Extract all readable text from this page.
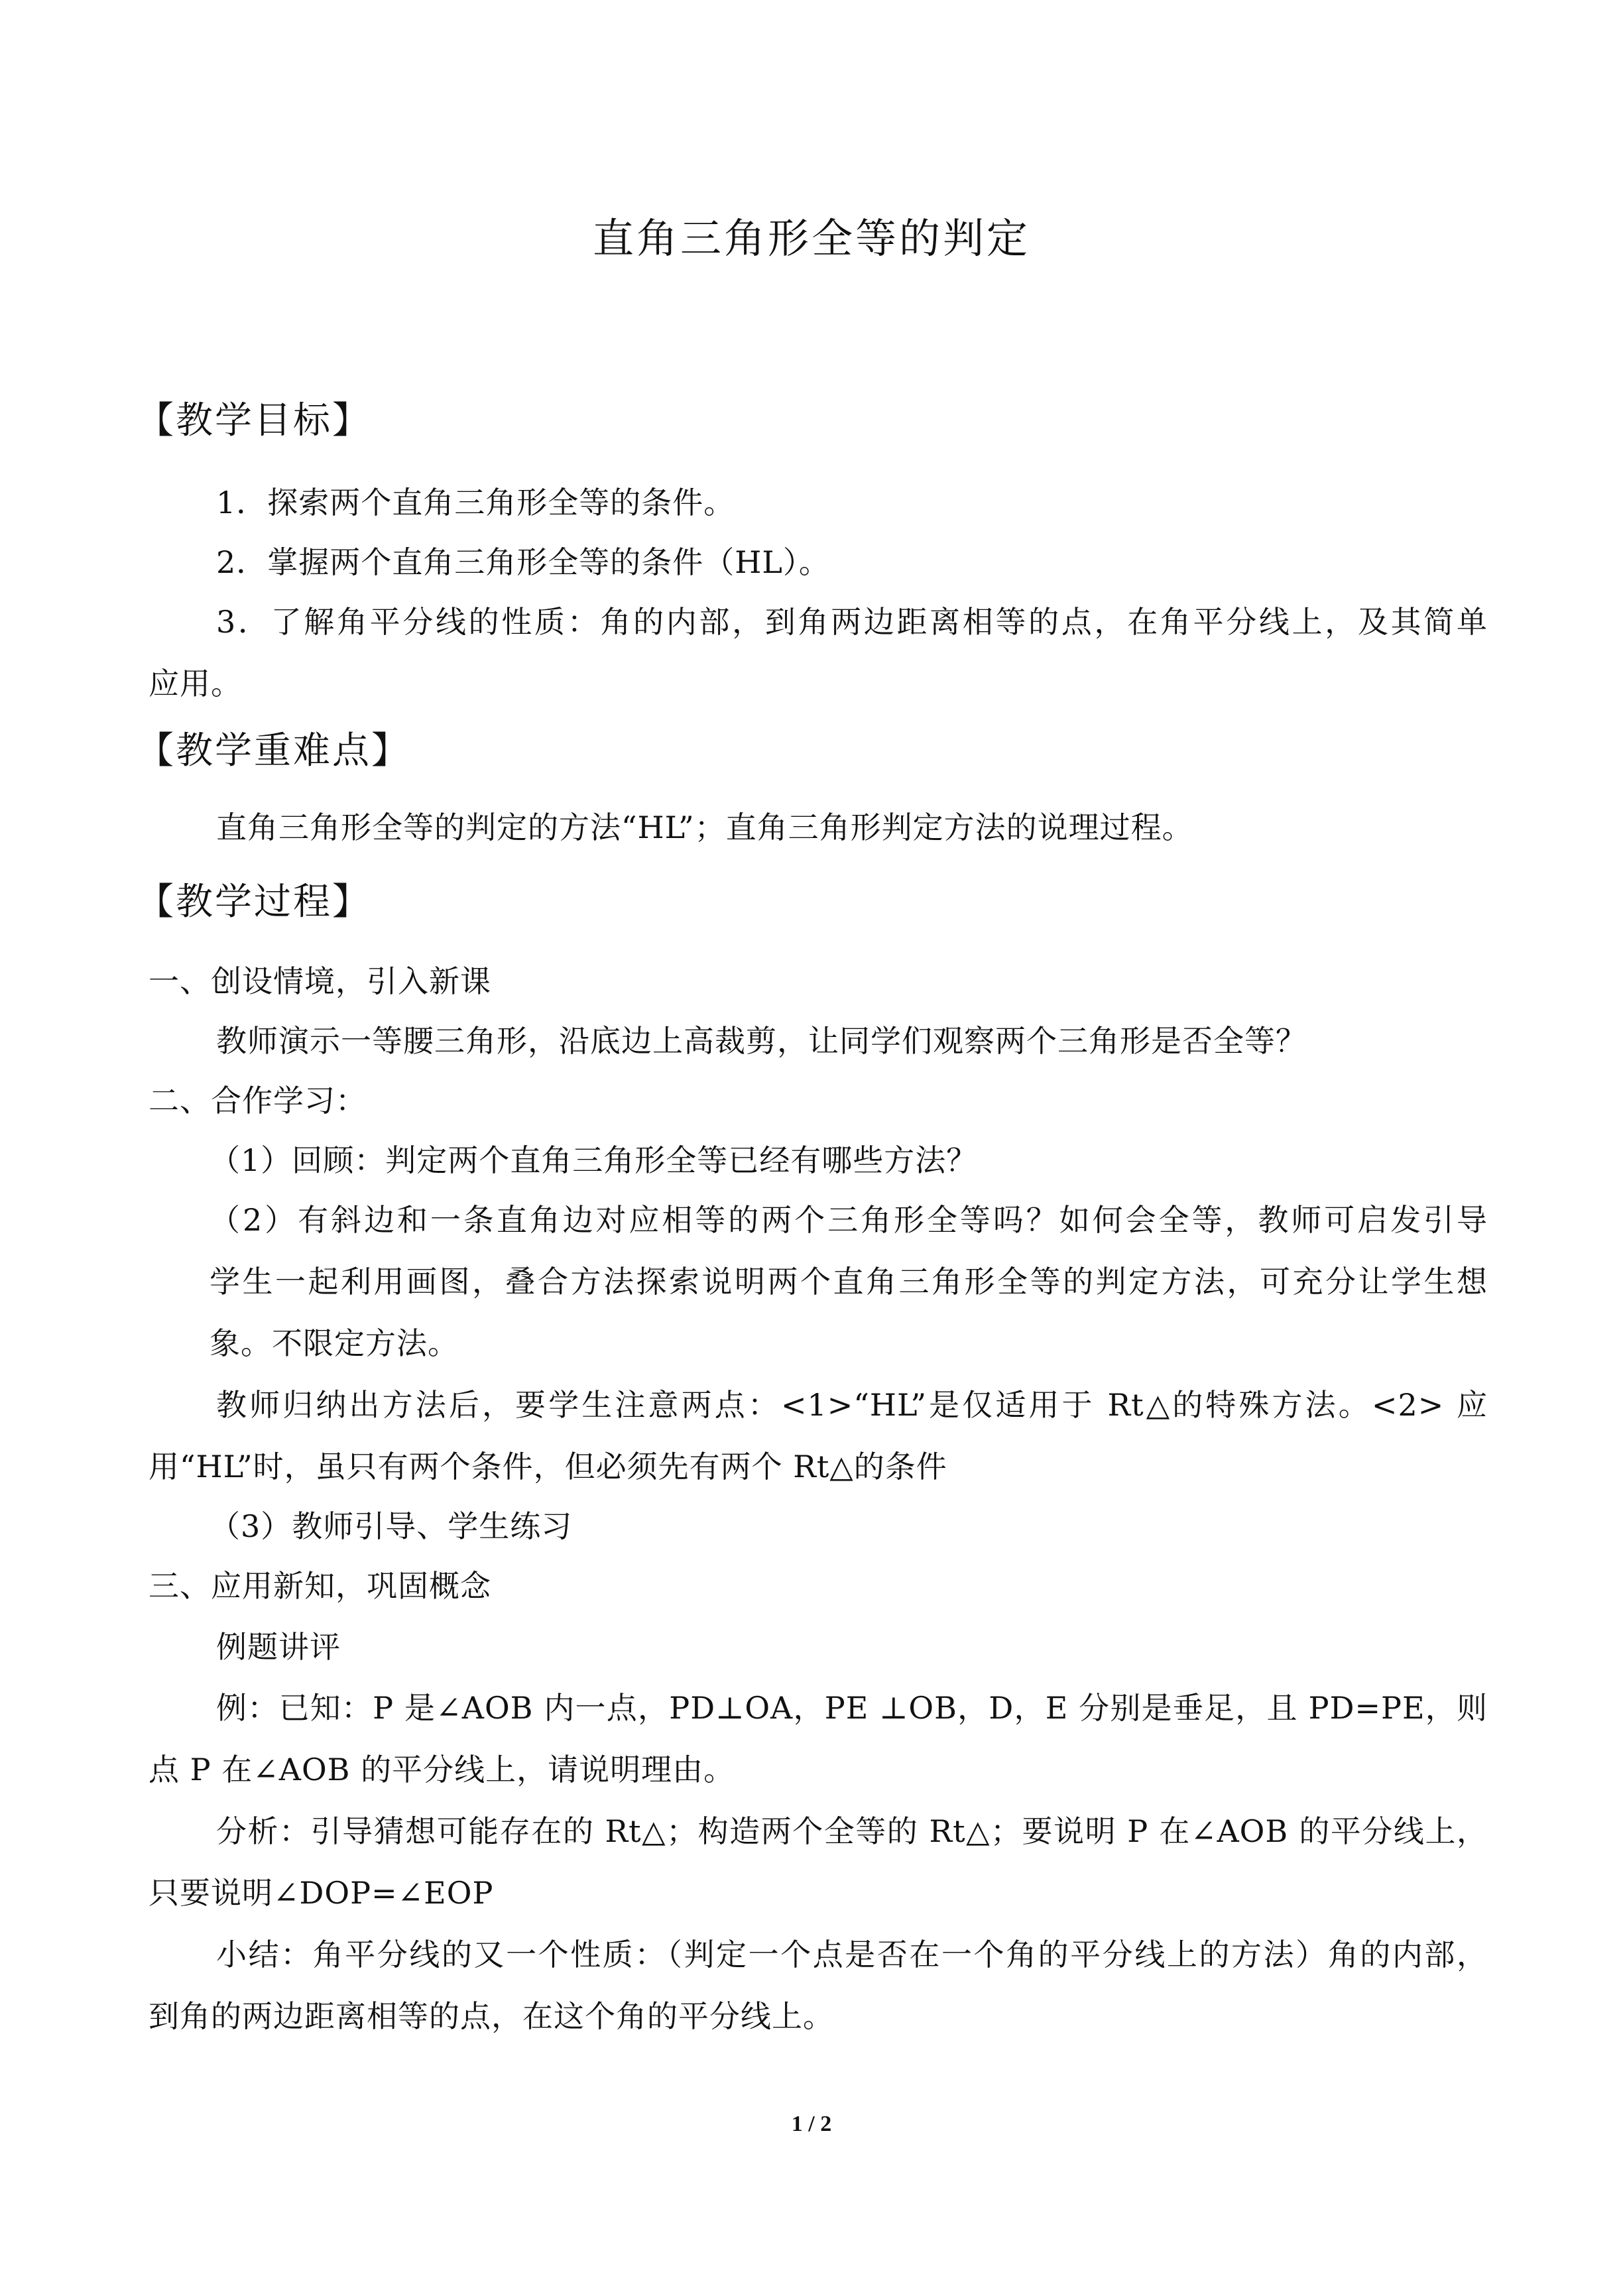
直角三角形全等的判定
【教学目标】
1．探索两个直角三角形全等的条件。
2．掌握两个直角三角形全等的条件（HL）。
3．了解角平分线的性质：角的内部，到角两边距离相等的点，在角平分线上，及其简单
应用。
【教学重难点】
直角三角形全等的判定的方法“HL”；直角三角形判定方法的说理过程。
【教学过程】
一、创设情境，引入新课
教师演示一等腰三角形，沿底边上高裁剪，让同学们观察两个三角形是否全等？
二、合作学习：
（1）回顾：判定两个直角三角形全等已经有哪些方法？
（2）有斜边和一条直角边对应相等的两个三角形全等吗？如何会全等，教师可启发引导
学生一起利用画图，叠合方法探索说明两个直角三角形全等的判定方法，可充分让学生想
象。不限定方法。
教师归纳出方法后，要学生注意两点：<1>“HL”是仅适用于 Rt△的特殊方法。<2> 应
用“HL”时，虽只有两个条件，但必须先有两个 Rt△的条件
（3）教师引导、学生练习
三、应用新知，巩固概念
例题讲评
例：已知：P 是∠AOB 内一点，PD⊥OA，PE ⊥OB，D，E 分别是垂足，且 PD=PE，则
点 P 在∠AOB 的平分线上，请说明理由。
分析：引导猜想可能存在的 Rt△；构造两个全等的 Rt△；要说明 P 在∠AOB 的平分线上，
只要说明∠DOP=∠EOP
小结：角平分线的又一个性质：（判定一个点是否在一个角的平分线上的方法）角的内部，
到角的两边距离相等的点，在这个角的平分线上。
1 / 2
